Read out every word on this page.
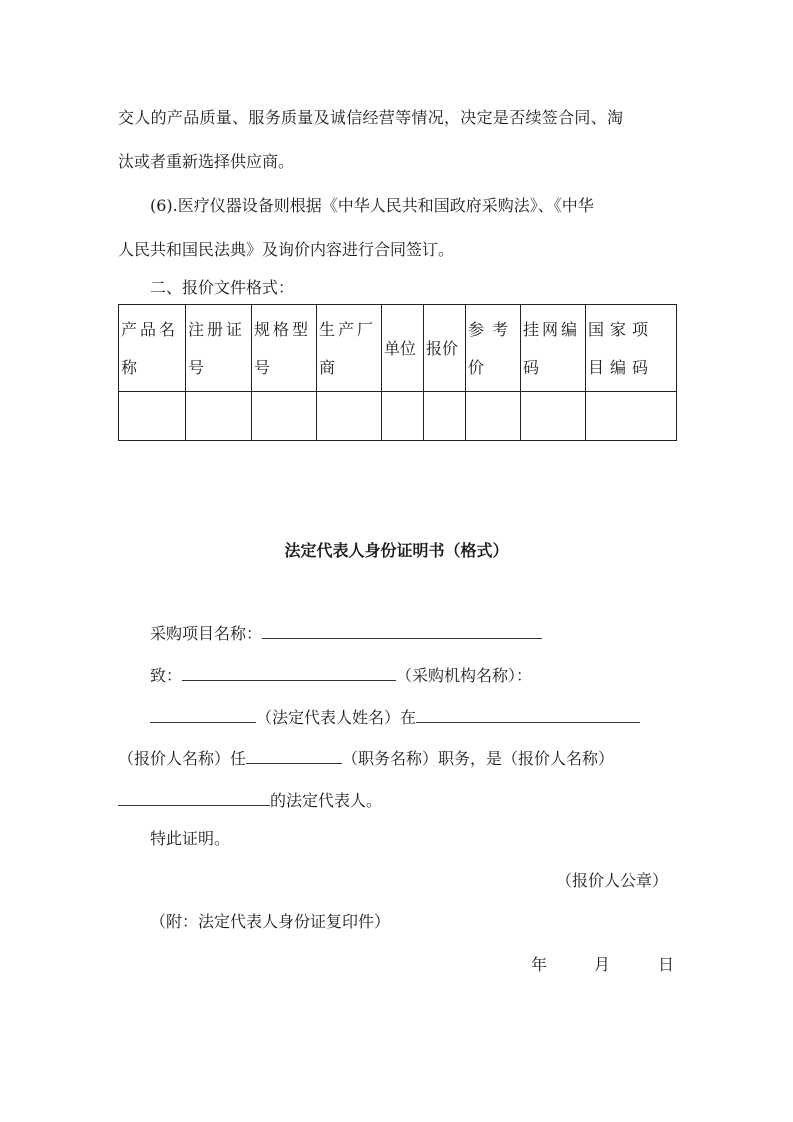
交人的产品质量、服务质量及诚信经营等情况，决定是否续签合同、淘
汰或者重新选择供应商。
(6).医疗仪器设备则根据《中华人民共和国政府采购法》、《中华
人民共和国民法典》及询价内容进行合同签订。
二、报价文件格式：
产品名称	注册证号	规格型号	生产厂商	单位	报价	参考价	挂网编码	国家项目编码

法定代表人身份证明书（格式）
采购项目名称：
致：	（采购机构名称）：
（法定代表人姓名）在
（报价人名称）任	（职务名称）职务，是（报价人名称）
的法定代表人。
特此证明。
（报价人公章）
（附：法定代表人身份证复印件）
年	月	日
